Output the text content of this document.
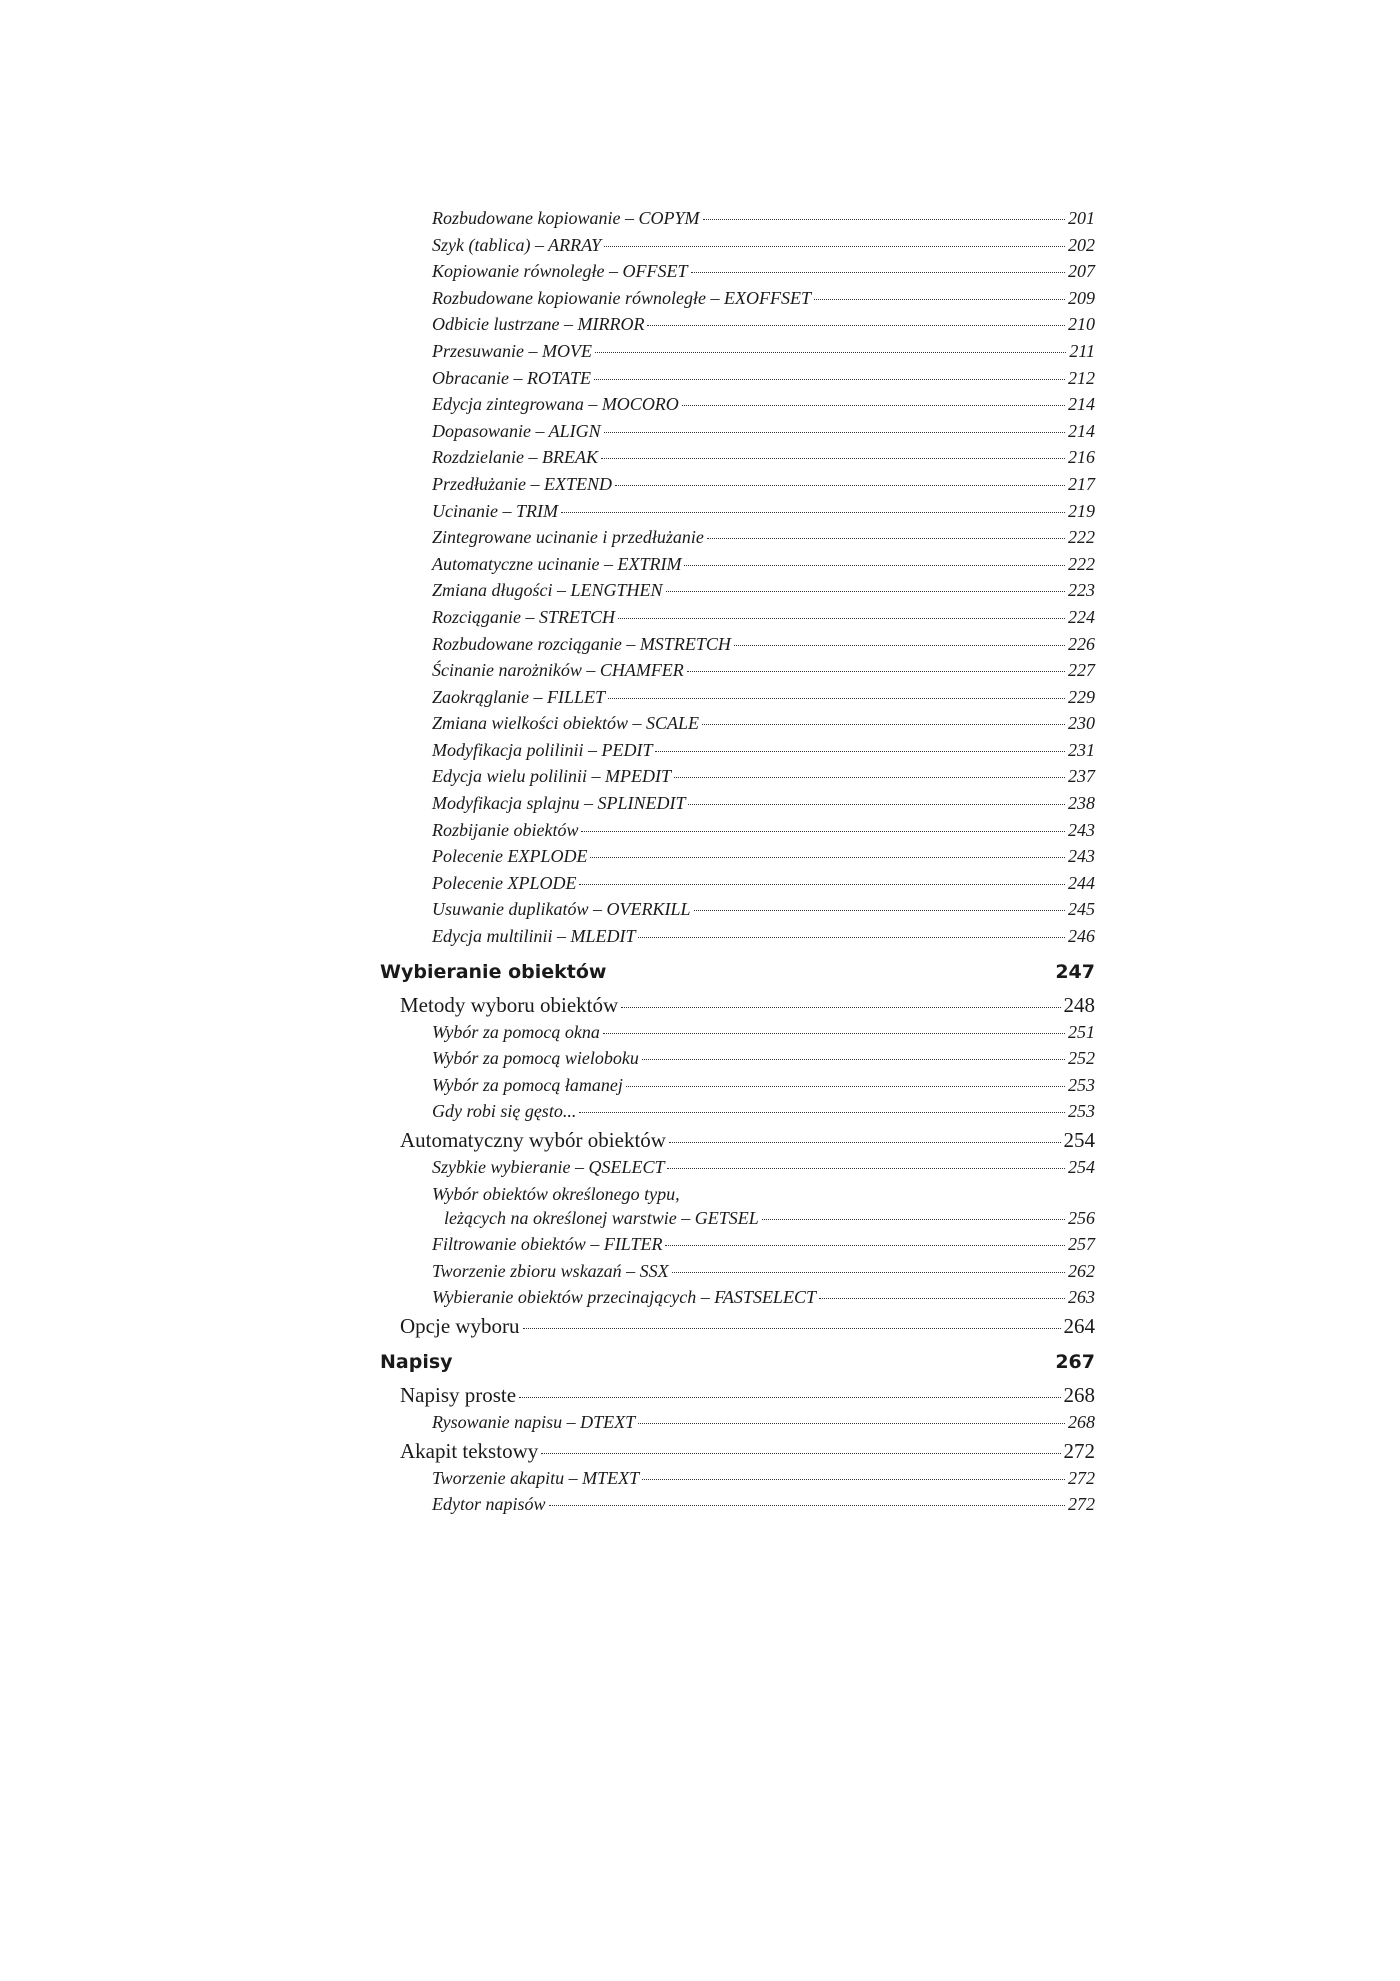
Rozbudowane kopiowanie – COPYM	201
Szyk (tablica) – ARRAY	202
Kopiowanie równoległe – OFFSET	207
Rozbudowane kopiowanie równoległe – EXOFFSET	209
Odbicie lustrzane – MIRROR	210
Przesuwanie – MOVE	211
Obracanie – ROTATE	212
Edycja zintegrowana – MOCORO	214
Dopasowanie – ALIGN	214
Rozdzielanie – BREAK	216
Przedłużanie – EXTEND	217
Ucinanie – TRIM	219
Zintegrowane ucinanie i przedłużanie	222
Automatyczne ucinanie – EXTRIM	222
Zmiana długości – LENGTHEN	223
Rozciąganie – STRETCH	224
Rozbudowane rozciąganie – MSTRETCH	226
Ścinanie narożników – CHAMFER	227
Zaokrąglanie – FILLET	229
Zmiana wielkości obiektów – SCALE	230
Modyfikacja polilinii – PEDIT	231
Edycja wielu polilinii – MPEDIT	237
Modyfikacja splajnu – SPLINEDIT	238
Rozbijanie obiektów	243
Polecenie EXPLODE	243
Polecenie XPLODE	244
Usuwanie duplikatów – OVERKILL	245
Edycja multilinii – MLEDIT	246
Wybieranie obiektów	247
Metody wyboru obiektów	248
Wybór za pomocą okna	251
Wybór za pomocą wieloboku	252
Wybór za pomocą łamanej	253
Gdy robi się gęsto...	253
Automatyczny wybór obiektów	254
Szybkie wybieranie – QSELECT	254
Wybór obiektów określonego typu,
leżących na określonej warstwie – GETSEL	256
Filtrowanie obiektów – FILTER	257
Tworzenie zbioru wskazań – SSX	262
Wybieranie obiektów przecinających – FASTSELECT	263
Opcje wyboru	264
Napisy	267
Napisy proste	268
Rysowanie napisu – DTEXT	268
Akapit tekstowy	272
Tworzenie akapitu – MTEXT	272
Edytor napisów	272
